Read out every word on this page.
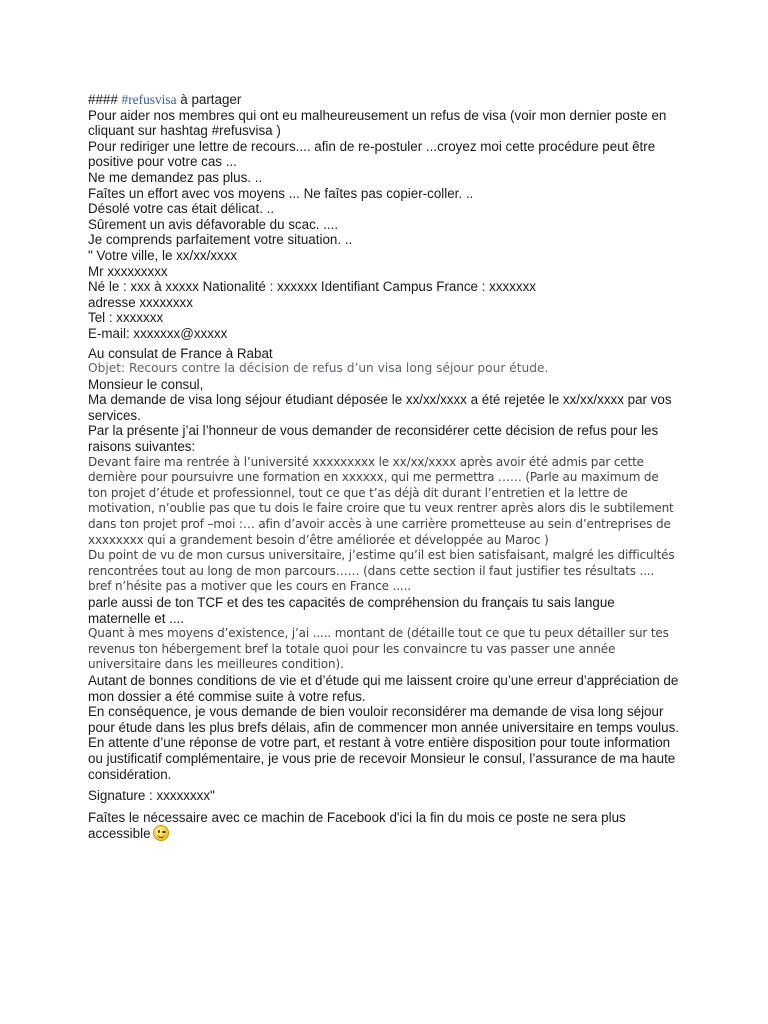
#### #refusvisa à partager
Pour aider nos membres qui ont eu malheureusement un refus de visa (voir mon dernier poste en cliquant sur hashtag #refusvisa )
Pour rediriger une lettre de recours.... afin de re-postuler ...croyez moi cette procédure peut être positive pour votre cas ...
Ne me demandez pas plus. ..
Faîtes un effort avec vos moyens ... Ne faîtes pas copier-coller. ..
Désolé votre cas était délicat. ..
Sûrement un avis défavorable du scac. ....
Je comprends parfaitement votre situation. ..
" Votre ville, le xx/xx/xxxx
Mr xxxxxxxxx
Né le : xxx à xxxxx Nationalité : xxxxxx Identifiant Campus France : xxxxxxx
adresse xxxxxxxx
Tel : xxxxxxx
E-mail: xxxxxxx@xxxxx
Au consulat de France à Rabat
Objet: Recours contre la décision de refus d’un visa long séjour pour étude.
Monsieur le consul,
Ma demande de visa long séjour étudiant déposée le xx/xx/xxxx a été rejetée le xx/xx/xxxx par vos services.
Par la présente j’ai l’honneur de vous demander de reconsidérer cette décision de refus pour les raisons suivantes:
Devant faire ma rentrée à l’université xxxxxxxxx le xx/xx/xxxx après avoir été admis par cette dernière pour poursuivre une formation en xxxxxx, qui me permettra …… (Parle au maximum de ton projet d’étude et professionnel, tout ce que t’as déjà dit durant l’entretien et la lettre de motivation, n’oublie pas que tu dois le faire croire que tu veux rentrer après alors dis le subtilement dans ton projet prof –moi :… afin d’avoir accès à une carrière prometteuse au sein d’entreprises de xxxxxxxx qui a grandement besoin d’être améliorée et développée au Maroc )
Du point de vu de mon cursus universitaire, j’estime qu’il est bien satisfaisant, malgré les difficultés rencontrées tout au long de mon parcours…… (dans cette section il faut justifier tes résultats .... bref n’hésite pas a motiver que les cours en France .....
parle aussi de ton TCF et des tes capacités de compréhension du français tu sais langue maternelle et ....
Quant à mes moyens d’existence, j’ai ..... montant de (détaille tout ce que tu peux détailler sur tes revenus ton hébergement bref la totale quoi pour les convaincre tu vas passer une année universitaire dans les meilleures condition).
Autant de bonnes conditions de vie et d’étude qui me laissent croire qu’une erreur d’appréciation de mon dossier a été commise suite à votre refus.
En conséquence, je vous demande de bien vouloir reconsidérer ma demande de visa long séjour pour étude dans les plus brefs délais, afin de commencer mon année universitaire en temps voulus.
En attente d’une réponse de votre part, et restant à votre entière disposition pour toute information ou justificatif complémentaire, je vous prie de recevoir Monsieur le consul, l’assurance de ma haute considération.
Signature : xxxxxxxx"
Faîtes le nécessaire avec ce machin de Facebook d'ici la fin du mois ce poste ne sera plus accessible
